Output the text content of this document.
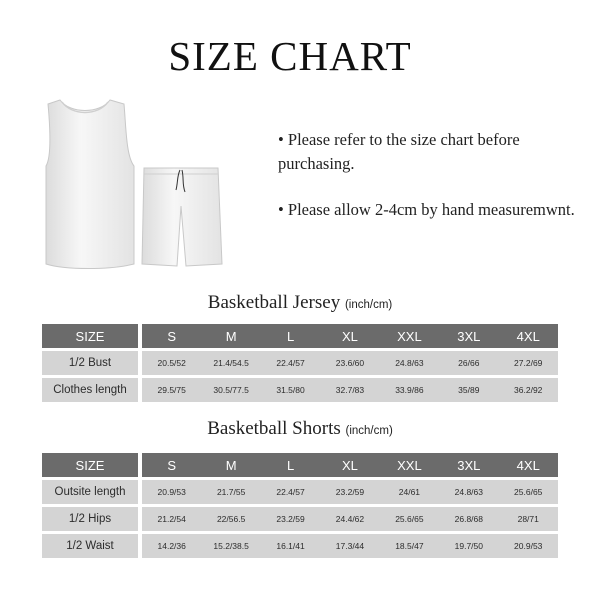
SIZE CHART

• Please refer to the size chart before purchasing.

• Please allow 2-4cm by hand measuremwnt.

Basketball Jersey (inch/cm)
SIZE	S	M	L	XL	XXL	3XL	4XL
1/2 Bust	20.5/52	21.4/54.5	22.4/57	23.6/60	24.8/63	26/66	27.2/69
Clothes length	29.5/75	30.5/77.5	31.5/80	32.7/83	33.9/86	35/89	36.2/92
Basketball Shorts (inch/cm)
SIZE	S	M	L	XL	XXL	3XL	4XL
Outsite length	20.9/53	21.7/55	22.4/57	23.2/59	24/61	24.8/63	25.6/65
1/2 Hips	21.2/54	22/56.5	23.2/59	24.4/62	25.6/65	26.8/68	28/71
1/2 Waist	14.2/36	15.2/38.5	16.1/41	17.3/44	18.5/47	19.7/50	20.9/53
